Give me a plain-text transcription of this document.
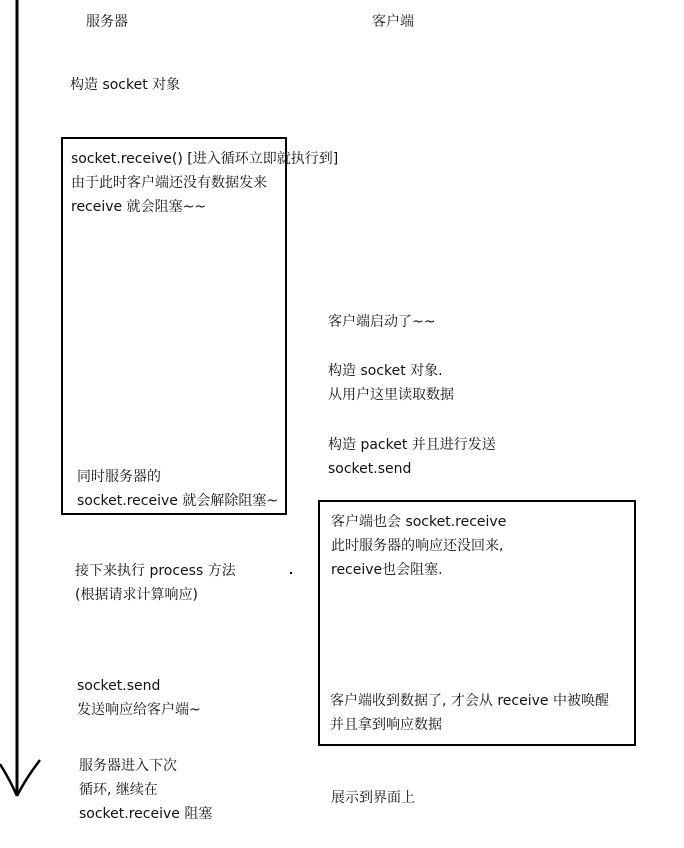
服务器	客户端
构造 socket 对象
socket.receive() [进入循环立即就执行到]
由于此时客户端还没有数据发来
receive 就会阻塞~~
同时服务器的
socket.receive 就会解除阻塞~
接下来执行 process 方法
(根据请求计算响应)
socket.send
发送响应给客户端~
服务器进入下次
循环, 继续在
socket.receive 阻塞
客户端启动了~~
构造 socket 对象.
从用户这里读取数据
构造 packet 并且进行发送
socket.send
客户端也会 socket.receive
此时服务器的响应还没回来,
receive也会阻塞.
客户端收到数据了, 才会从 receive 中被唤醒
并且拿到响应数据
展示到界面上
